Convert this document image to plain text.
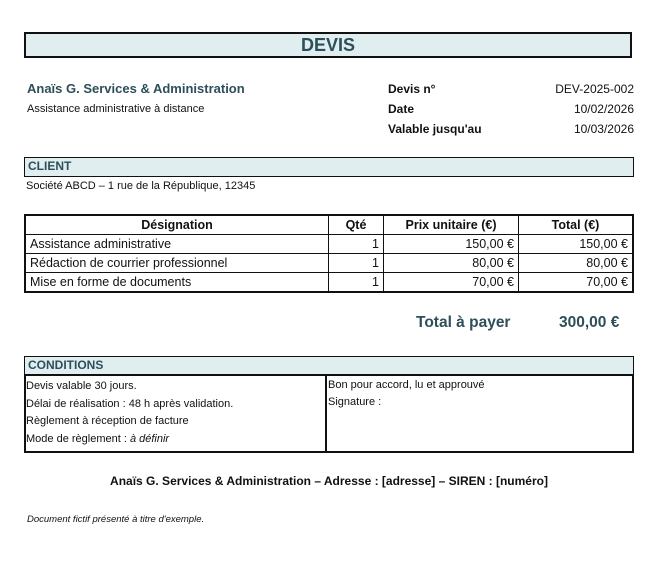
DEVIS
Anaïs G. Services & Administration
Assistance administrative à distance
Devis n°	DEV-2025-002
Date	10/02/2026
Valable jusqu'au	10/03/2026
CLIENT
Société ABCD – 1 rue de la République, 12345
Désignation	Qté	Prix unitaire (€)	Total (€)
Assistance administrative	1	150,00 €	150,00 €
Rédaction de courrier professionnel	1	80,00 €	80,00 €
Mise en forme de documents	1	70,00 €	70,00 €
Total à payer	300,00 €
CONDITIONS
Devis valable 30 jours.
Délai de réalisation : 48 h après validation.
Règlement à réception de facture
Mode de règlement : à définir
Bon pour accord, lu et approuvé
Signature :
Anaïs G. Services & Administration – Adresse : [adresse] – SIREN : [numéro]
Document fictif présenté à titre d'exemple.
